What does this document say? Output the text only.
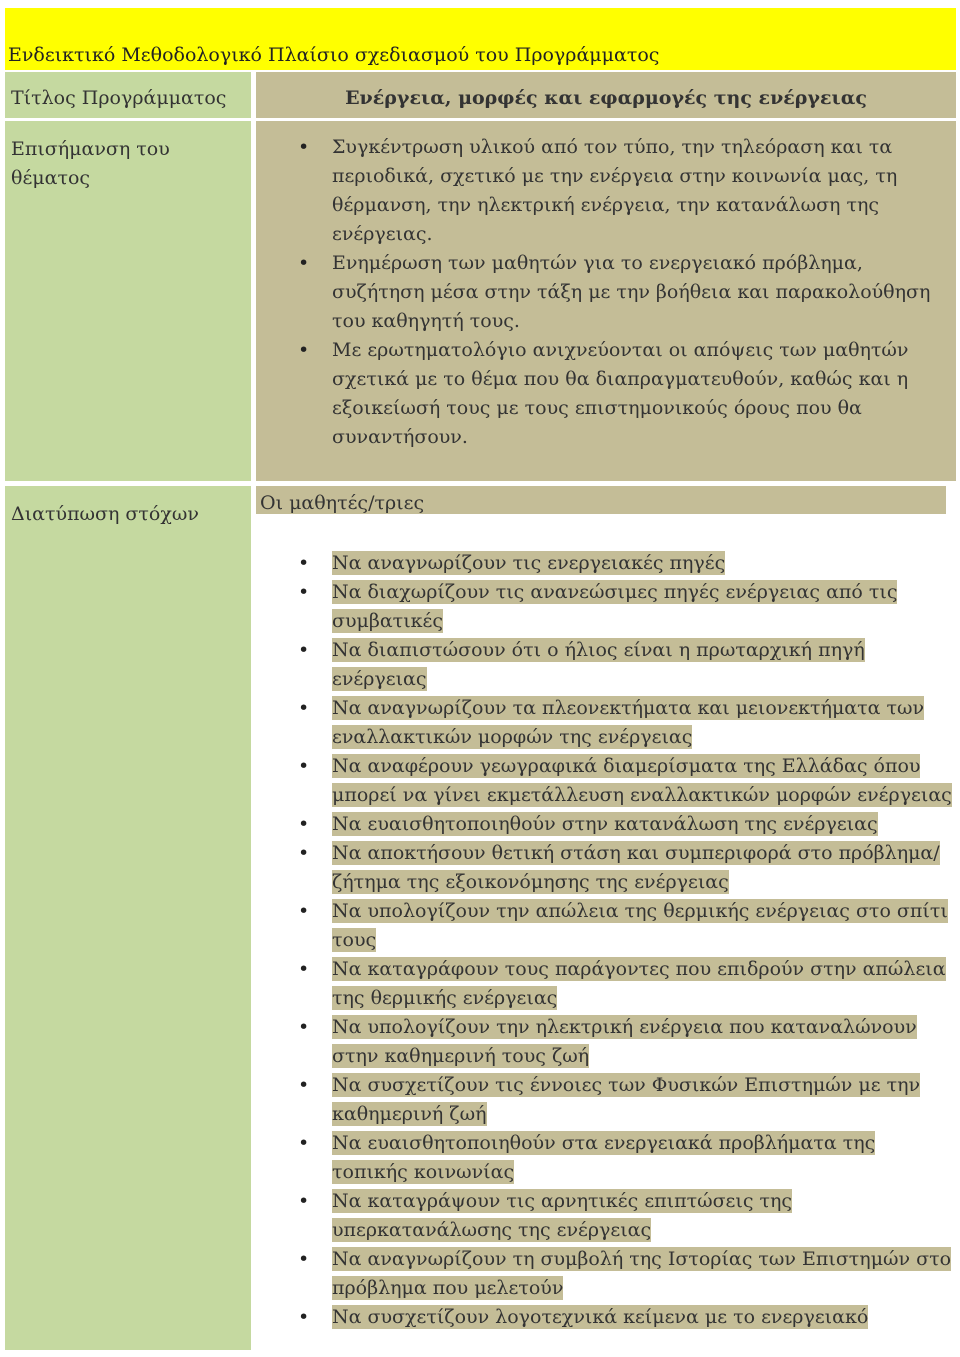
Ενδεικτικό Μεθοδολογικό Πλαίσιο σχεδιασμού του Προγράμματος
Τίτλος Προγράμματος	Ενέργεια, μορφές και εφαρμογές της ενέργειας
Επισήμανση του θέματος
• Συγκέντρωση υλικού από τον τύπο, την τηλεόραση και τα περιοδικά, σχετικό με την ενέργεια στην κοινωνία μας, τη θέρμανση, την ηλεκτρική ενέργεια, την κατανάλωση της ενέργειας.
• Ενημέρωση των μαθητών για το ενεργειακό πρόβλημα, συζήτηση μέσα στην τάξη με την βοήθεια και παρακολούθηση του καθηγητή τους.
• Με ερωτηματολόγιο ανιχνεύονται οι απόψεις των μαθητών σχετικά με το θέμα που θα διαπραγματευθούν, καθώς και η εξοικείωσή τους με τους επιστημονικούς όρους που θα συναντήσουν.
Διατύπωση στόχων	Οι μαθητές/τριες
• Να αναγνωρίζουν τις ενεργειακές πηγές
• Να διαχωρίζουν τις ανανεώσιμες πηγές ενέργειας από τις συμβατικές
• Να διαπιστώσουν ότι ο ήλιος είναι η πρωταρχική πηγή ενέργειας
• Να αναγνωρίζουν τα πλεονεκτήματα και μειονεκτήματα των εναλλακτικών μορφών της ενέργειας
• Να αναφέρουν γεωγραφικά διαμερίσματα της Ελλάδας όπου μπορεί να γίνει εκμετάλλευση εναλλακτικών μορφών ενέργειας
• Να ευαισθητοποιηθούν στην κατανάλωση της ενέργειας
• Να αποκτήσουν θετική στάση και συμπεριφορά στο πρόβλημα/ζήτημα της εξοικονόμησης της ενέργειας
• Να υπολογίζουν την απώλεια της θερμικής ενέργειας στο σπίτι τους
• Να καταγράφουν τους παράγοντες που επιδρούν στην απώλεια της θερμικής ενέργειας
• Να υπολογίζουν την ηλεκτρική ενέργεια που καταναλώνουν στην καθημερινή τους ζωή
• Να συσχετίζουν τις έννοιες των Φυσικών Επιστημών με την καθημερινή ζωή
• Να ευαισθητοποιηθούν στα ενεργειακά προβλήματα της τοπικής κοινωνίας
• Να καταγράψουν τις αρνητικές επιπτώσεις της υπερκατανάλωσης της ενέργειας
• Να αναγνωρίζουν τη συμβολή της Ιστορίας των Επιστημών στο πρόβλημα που μελετούν
• Να συσχετίζουν λογοτεχνικά κείμενα με το ενεργειακό
